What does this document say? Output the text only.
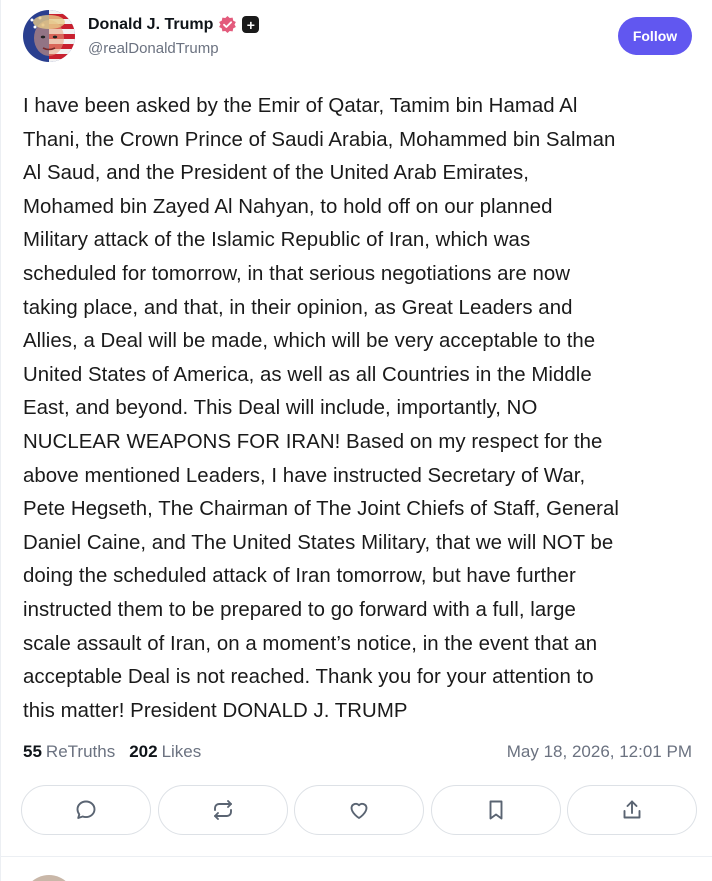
Donald J. Trump	+
@realDonaldTrump
Follow
I have been asked by the Emir of Qatar, Tamim bin Hamad Al
Thani, the Crown Prince of Saudi Arabia, Mohammed bin Salman
Al Saud, and the President of the United Arab Emirates,
Mohamed bin Zayed Al Nahyan, to hold off on our planned
Military attack of the Islamic Republic of Iran, which was
scheduled for tomorrow, in that serious negotiations are now
taking place, and that, in their opinion, as Great Leaders and
Allies, a Deal will be made, which will be very acceptable to the
United States of America, as well as all Countries in the Middle
East, and beyond. This Deal will include, importantly, NO
NUCLEAR WEAPONS FOR IRAN! Based on my respect for the
above mentioned Leaders, I have instructed Secretary of War,
Pete Hegseth, The Chairman of The Joint Chiefs of Staff, General
Daniel Caine, and The United States Military, that we will NOT be
doing the scheduled attack of Iran tomorrow, but have further
instructed them to be prepared to go forward with a full, large
scale assault of Iran, on a moment’s notice, in the event that an
acceptable Deal is not reached. Thank you for your attention to
this matter! President DONALD J. TRUMP
55 ReTruths 202 Likes	May 18, 2026, 12:01 PM
